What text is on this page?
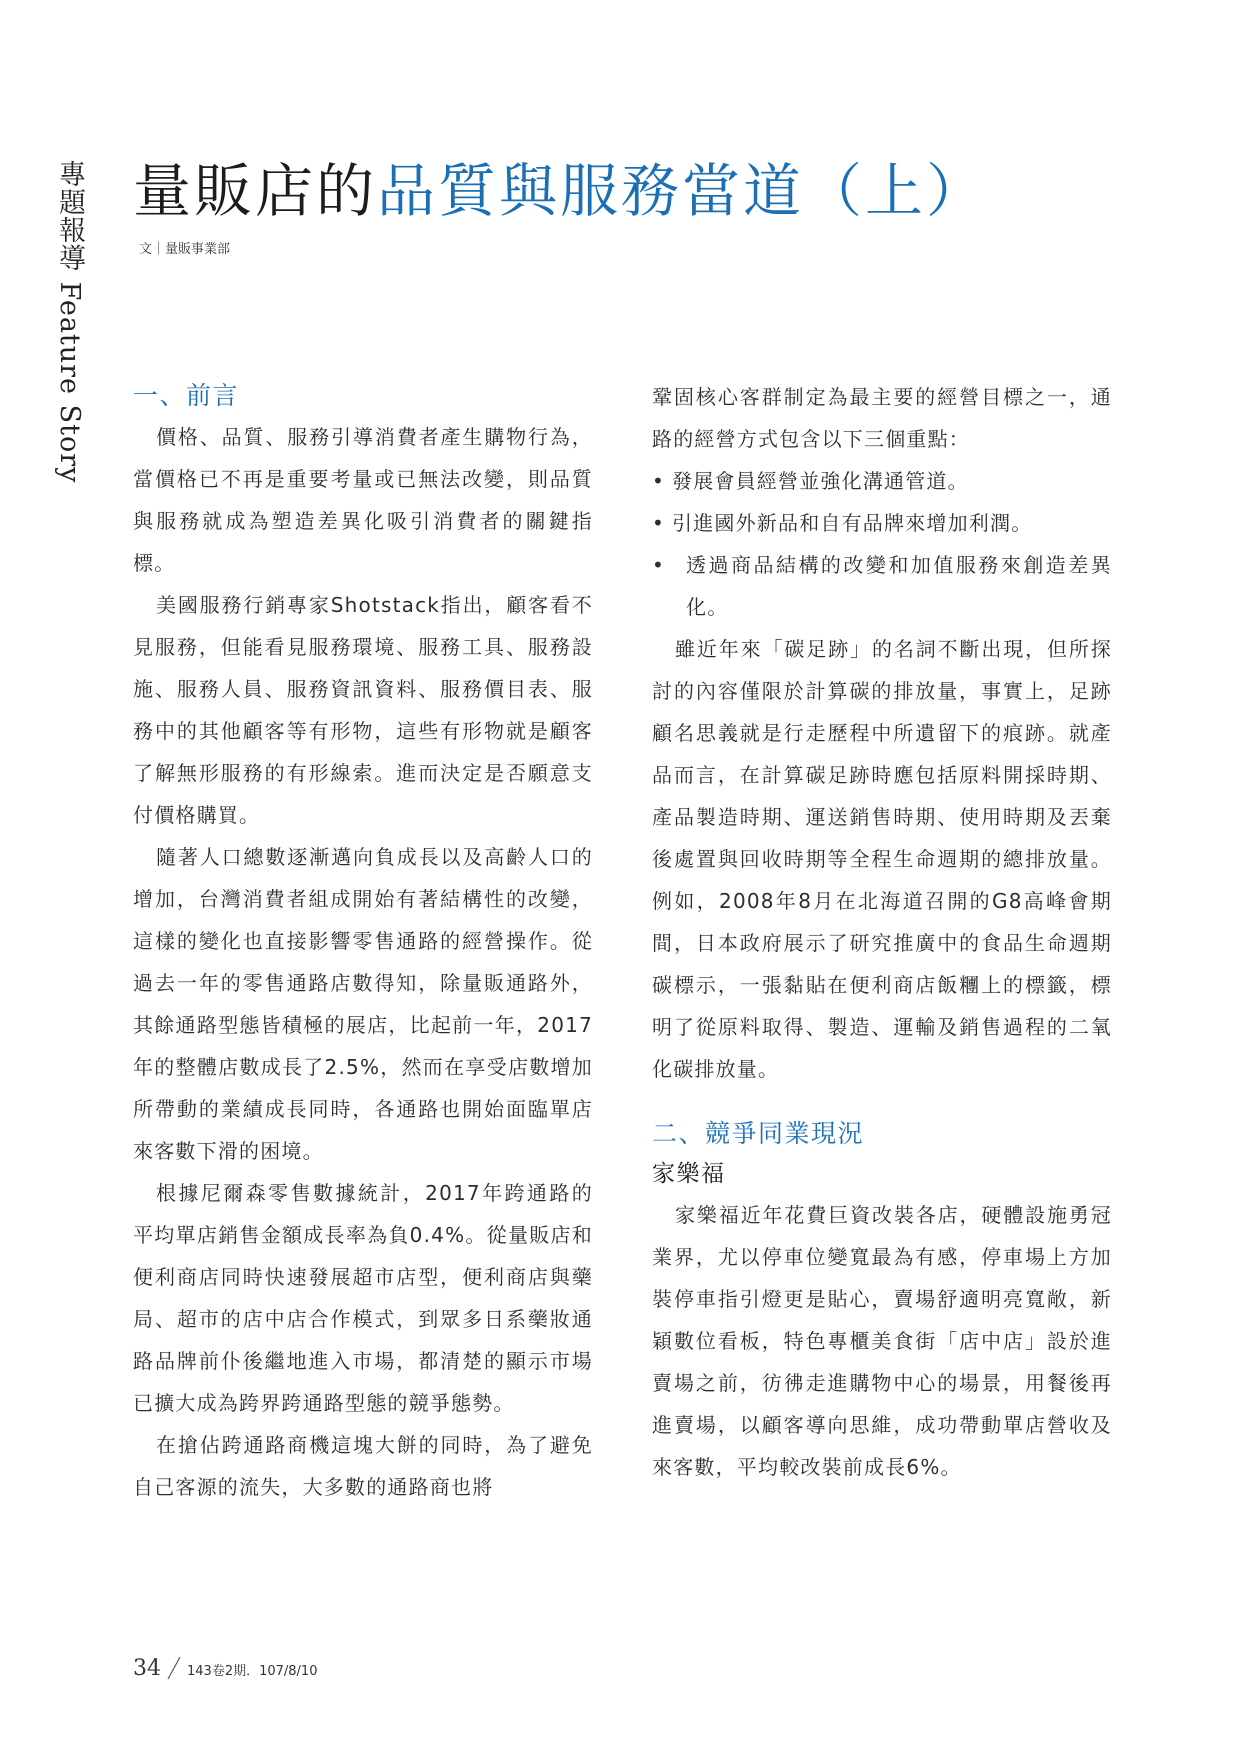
專題報導 Feature Story 量販店的品質與服務當道（上）
文｜量販事業部
一、前言

價格、品質、服務引導消費者產生購物行為，當價格已不再是重要考量或已無法改變，則品質與服務就成為塑造差異化吸引消費者的關鍵指標。

美國服務行銷專家Shotstack指出，顧客看不見服務，但能看見服務環境、服務工具、服務設施、服務人員、服務資訊資料、服務價目表、服務中的其他顧客等有形物，這些有形物就是顧客了解無形服務的有形線索。進而決定是否願意支付價格購買。

隨著人口總數逐漸邁向負成長以及高齡人口的增加，台灣消費者組成開始有著結構性的改變，這樣的變化也直接影響零售通路的經營操作。從過去一年的零售通路店數得知，除量販通路外，其餘通路型態皆積極的展店，比起前一年，2017年的整體店數成長了2.5%，然而在享受店數增加所帶動的業績成長同時，各通路也開始面臨單店來客數下滑的困境。

根據尼爾森零售數據統計，2017年跨通路的平均單店銷售金額成長率為負0.4%。從量販店和便利商店同時快速發展超市店型，便利商店與藥局、超市的店中店合作模式，到眾多日系藥妝通路品牌前仆後繼地進入市場，都清楚的顯示市場已擴大成為跨界跨通路型態的競爭態勢。

在搶佔跨通路商機這塊大餅的同時，為了避免自己客源的流失，大多數的通路商也將

鞏固核心客群制定為最主要的經營目標之一，通路的經營方式包含以下三個重點：

• 發展會員經營並強化溝通管道。
• 引進國外新品和自有品牌來增加利潤。
• 透過商品結構的改變和加值服務來創造差異化。

雖近年來「碳足跡」的名詞不斷出現，但所探討的內容僅限於計算碳的排放量，事實上，足跡顧名思義就是行走歷程中所遺留下的痕跡。就產品而言，在計算碳足跡時應包括原料開採時期、產品製造時期、運送銷售時期、使用時期及丟棄後處置與回收時期等全程生命週期的總排放量。例如，2008年8月在北海道召開的G8高峰會期間，日本政府展示了研究推廣中的食品生命週期碳標示，一張黏貼在便利商店飯糰上的標籤，標明了從原料取得、製造、運輸及銷售過程的二氧化碳排放量。

二、競爭同業現況
家樂福

家樂福近年花費巨資改裝各店，硬體設施勇冠業界，尤以停車位變寬最為有感，停車場上方加裝停車指引燈更是貼心，賣場舒適明亮寬敞，新穎數位看板，特色專櫃美食街「店中店」設於進賣場之前，彷彿走進購物中心的場景，用餐後再進賣場，以顧客導向思維，成功帶動單店營收及來客數，平均較改裝前成長6%。

34 143卷2期．107/8/10
